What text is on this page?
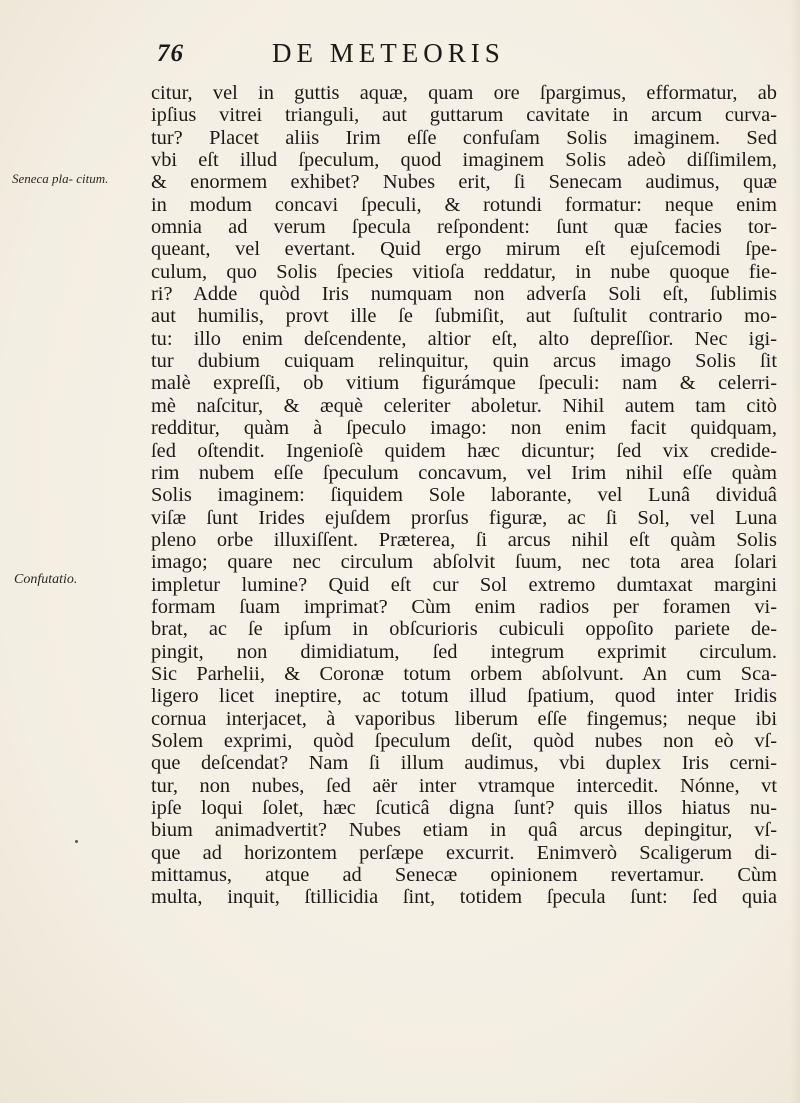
76	DE METEORIS
Seneca pla- citum.
Confutatio.
citur, vel in guttis aquæ, quam ore ſpargimus, efformatur, ab
ipſius vitrei trianguli, aut guttarum cavitate in arcum curva-
tur? Placet aliis Irim eſſe confuſam Solis imaginem. Sed
vbi eſt illud ſpeculum, quod imaginem Solis adeò diſſimilem,
& enormem exhibet? Nubes erit, ſi Senecam audimus, quæ
in modum concavi ſpeculi, & rotundi formatur: neque enim
omnia ad verum ſpecula reſpondent: ſunt quæ facies tor-
queant, vel evertant. Quid ergo mirum eſt ejuſcemodi ſpe-
culum, quo Solis ſpecies vitioſa reddatur, in nube quoque fie-
ri? Adde quòd Iris numquam non adverſa Soli eſt, ſublimis
aut humilis, provt ille ſe ſubmiſit, aut ſuſtulit contrario mo-
tu: illo enim deſcendente, altior eſt, alto depreſſior. Nec igi-
tur dubium cuiquam relinquitur, quin arcus imago Solis ſit
malè expreſſi, ob vitium figurámque ſpeculi: nam & celerri-
mè naſcitur, & æquè celeriter aboletur. Nihil autem tam citò
redditur, quàm à ſpeculo imago: non enim facit quidquam,
ſed oſtendit. Ingenioſè quidem hæc dicuntur; ſed vix credide-
rim nubem eſſe ſpeculum concavum, vel Irim nihil eſſe quàm
Solis imaginem: ſiquidem Sole laborante, vel Lunâ dividuâ
viſæ ſunt Irides ejuſdem prorſus figuræ, ac ſi Sol, vel Luna
pleno orbe illuxiſſent. Præterea, ſi arcus nihil eſt quàm Solis
imago; quare nec circulum abſolvit ſuum, nec tota area ſolari
impletur lumine? Quid eſt cur Sol extremo dumtaxat margini
formam ſuam imprimat? Cùm enim radios per foramen vi-
brat, ac ſe ipſum in obſcurioris cubiculi oppoſito pariete de-
pingit, non dimidiatum, ſed integrum exprimit circulum.
Sic Parhelii, & Coronæ totum orbem abſolvunt. An cum Sca-
ligero licet ineptire, ac totum illud ſpatium, quod inter Iridis
cornua interjacet, à vaporibus liberum eſſe fingemus; neque ibi
Solem exprimi, quòd ſpeculum deſit, quòd nubes non eò vſ-
que deſcendat? Nam ſi illum audimus, vbi duplex Iris cerni-
tur, non nubes, ſed aër inter vtramque intercedit. Nónne, vt
ipſe loqui ſolet, hæc ſcuticâ digna ſunt? quis illos hiatus nu-
bium animadvertit? Nubes etiam in quâ arcus depingitur, vſ-
que ad horizontem perſæpe excurrit. Enimverò Scaligerum di-
mittamus, atque ad Senecæ opinionem revertamur. Cùm
multa, inquit, ſtillicidia ſint, totidem ſpecula ſunt: ſed quia
